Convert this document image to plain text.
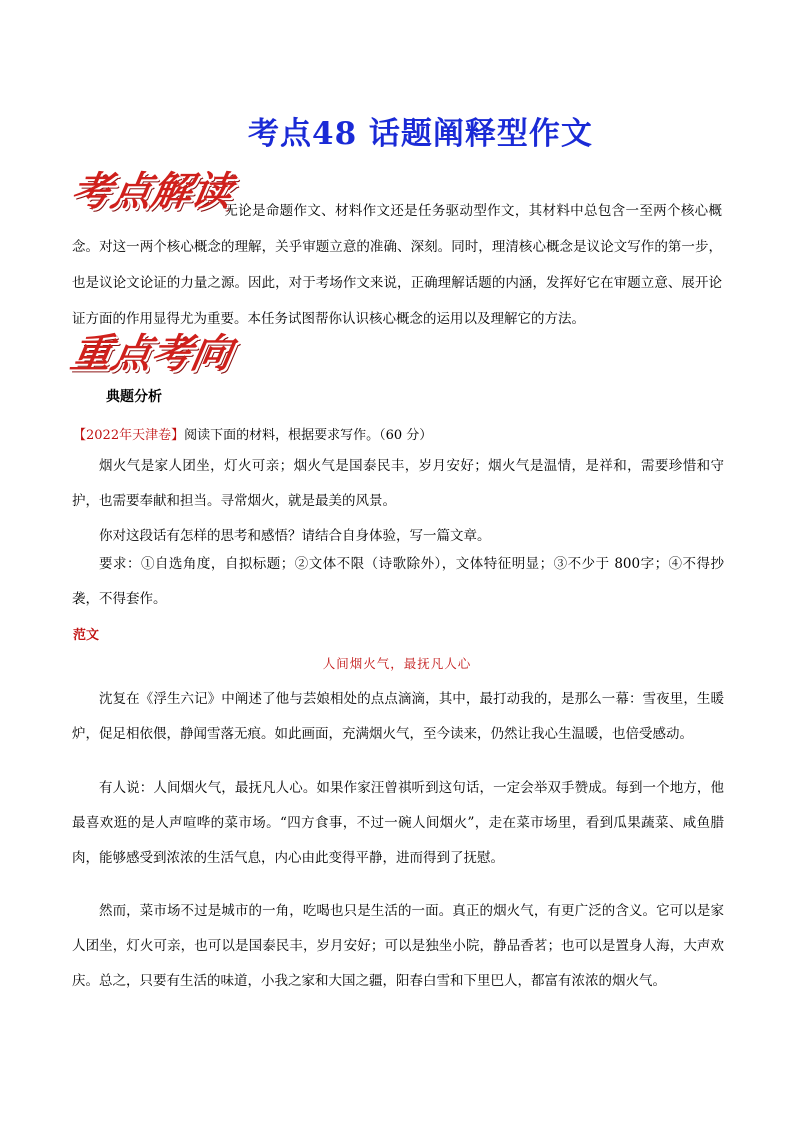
考点48 话题阐释型作文
考点解读
无论是命题作文、材料作文还是任务驱动型作文，其材料中总包含一至两个核心概念。对这一两个核心概念的理解，关乎审题立意的准确、深刻。同时，理清核心概念是议论文写作的第一步，也是议论文论证的力量之源。因此，对于考场作文来说，正确理解话题的内涵，发挥好它在审题立意、展开论证方面的作用显得尤为重要。本任务试图帮你认识核心概念的运用以及理解它的方法。
重点考向
典题分析
【2022年天津卷】阅读下面的材料，根据要求写作。（60 分）
烟火气是家人团坐，灯火可亲；烟火气是国泰民丰，岁月安好；烟火气是温情，是祥和，需要珍惜和守护，也需要奉献和担当。寻常烟火，就是最美的风景。
你对这段话有怎样的思考和感悟？请结合自身体验，写一篇文章。
要求：①自选角度，自拟标题；②文体不限（诗歌除外），文体特征明显；③不少于 800字；④不得抄袭，不得套作。
范文
人间烟火气，最抚凡人心
沈复在《浮生六记》中阐述了他与芸娘相处的点点滴滴，其中，最打动我的，是那么一幕：雪夜里，生暖炉，促足相依偎，静闻雪落无痕。如此画面，充满烟火气，至今读来，仍然让我心生温暖，也倍受感动。
有人说：人间烟火气，最抚凡人心。如果作家汪曾祺听到这句话，一定会举双手赞成。每到一个地方，他最喜欢逛的是人声喧哗的菜市场。“四方食事，不过一碗人间烟火”，走在菜市场里，看到瓜果蔬菜、咸鱼腊肉，能够感受到浓浓的生活气息，内心由此变得平静，进而得到了抚慰。
然而，菜市场不过是城市的一角，吃喝也只是生活的一面。真正的烟火气，有更广泛的含义。它可以是家人团坐，灯火可亲，也可以是国泰民丰，岁月安好；可以是独坐小院，静品香茗；也可以是置身人海，大声欢庆。总之，只要有生活的味道，小我之家和大国之疆，阳春白雪和下里巴人，都富有浓浓的烟火气。
